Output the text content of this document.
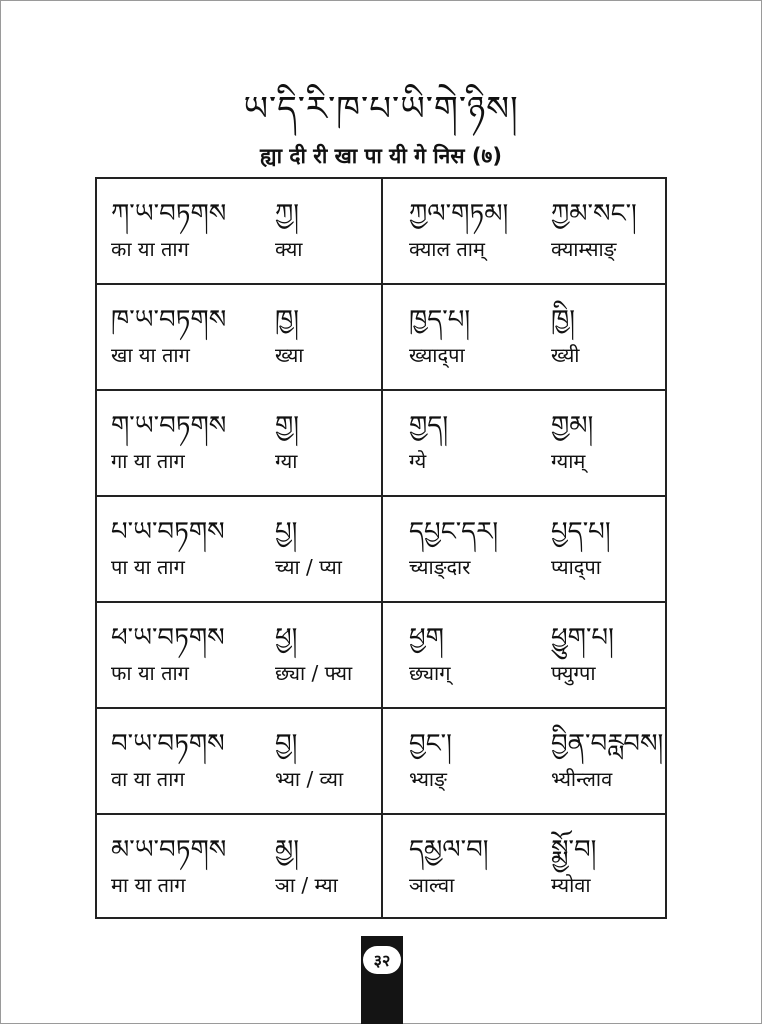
ཡ་དི་རི་ཁ་པ་ཡི་གེ་ཉིས།
ह्या दी री खा पा यी गे निस (७)
ཀ་ཡ་བཏགས
का या ताग
ཀྱ།
क्या
ཀྱལ་གཏམ།
क्याल ताम्
ཀྱམ་སང་།
क्याम्साङ्
ཁ་ཡ་བཏགས
खा या ताग
ཁྱ།
ख्या
ཁྱད་པ།
ख्याद्पा
ཁྱི།
ख्यी
ག་ཡ་བཏགས
गा या ताग
གྱ།
ग्या
གྱད།
ग्ये
གྱམ།
ग्याम्
པ་ཡ་བཏགས
पा या ताग
པྱ།
च्या / प्या
དཔྱང་དར།
च्याङ्दार
པྱད་པ།
प्याद्पा
ཕ་ཡ་བཏགས
फा या ताग
ཕྱ།
छ्या / फ्या
ཕྱག
छ्याग्
ཕྱུག་པ།
फ्युग्पा
བ་ཡ་བཏགས
वा या ताग
བྱ།
भ्या / व्या
བྱང་།
भ्याङ्
བྱིན་བརླབས།
भ्यीन्लाव
མ་ཡ་བཏགས
मा या ताग
མྱ།
ञा / म्या
དམྱལ་བ།
ञाल्वा
སྨྱོ་བ།
म्योवा
३२
